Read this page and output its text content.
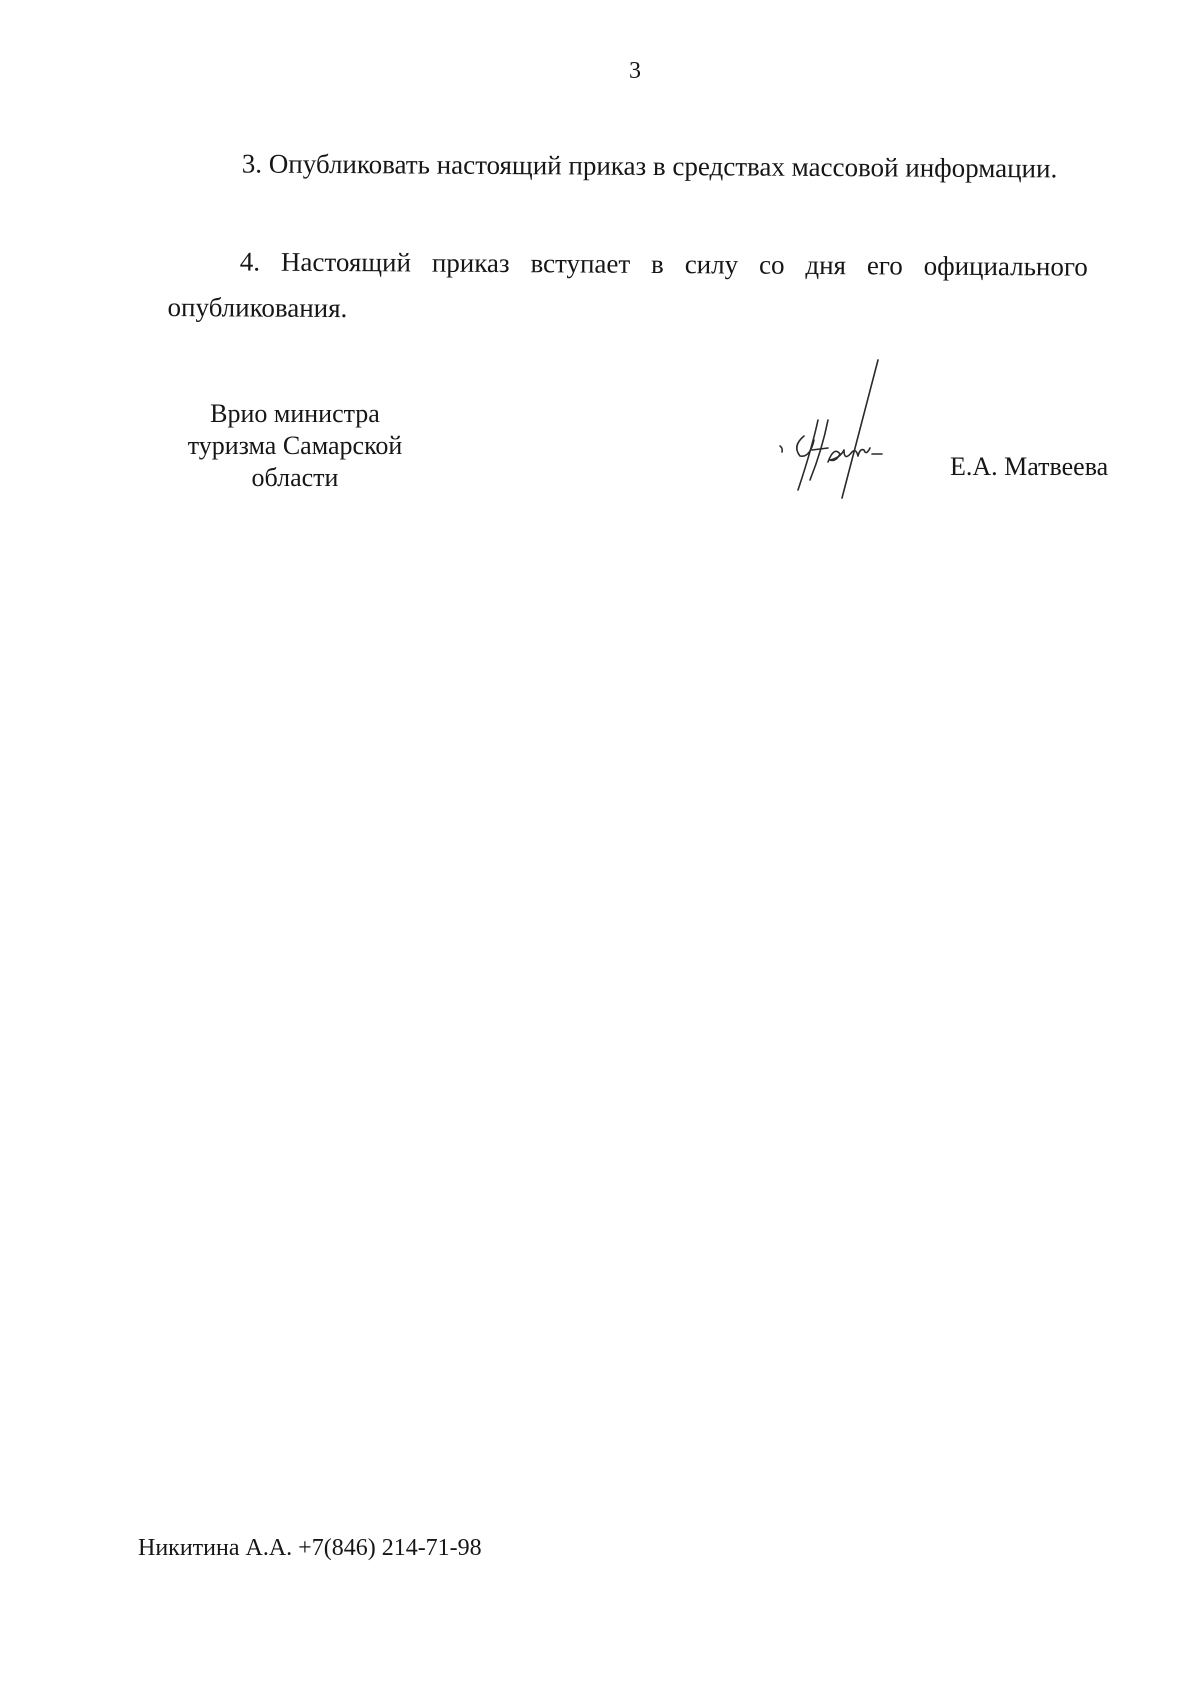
3
3. Опубликовать настоящий приказ в средствах массовой информации.
4. Настоящий приказ вступает в силу со дня его официального опубликования.
Врио министра
туризма Самарской
области	Е.А. Матвеева
Никитина А.А. +7(846) 214-71-98
